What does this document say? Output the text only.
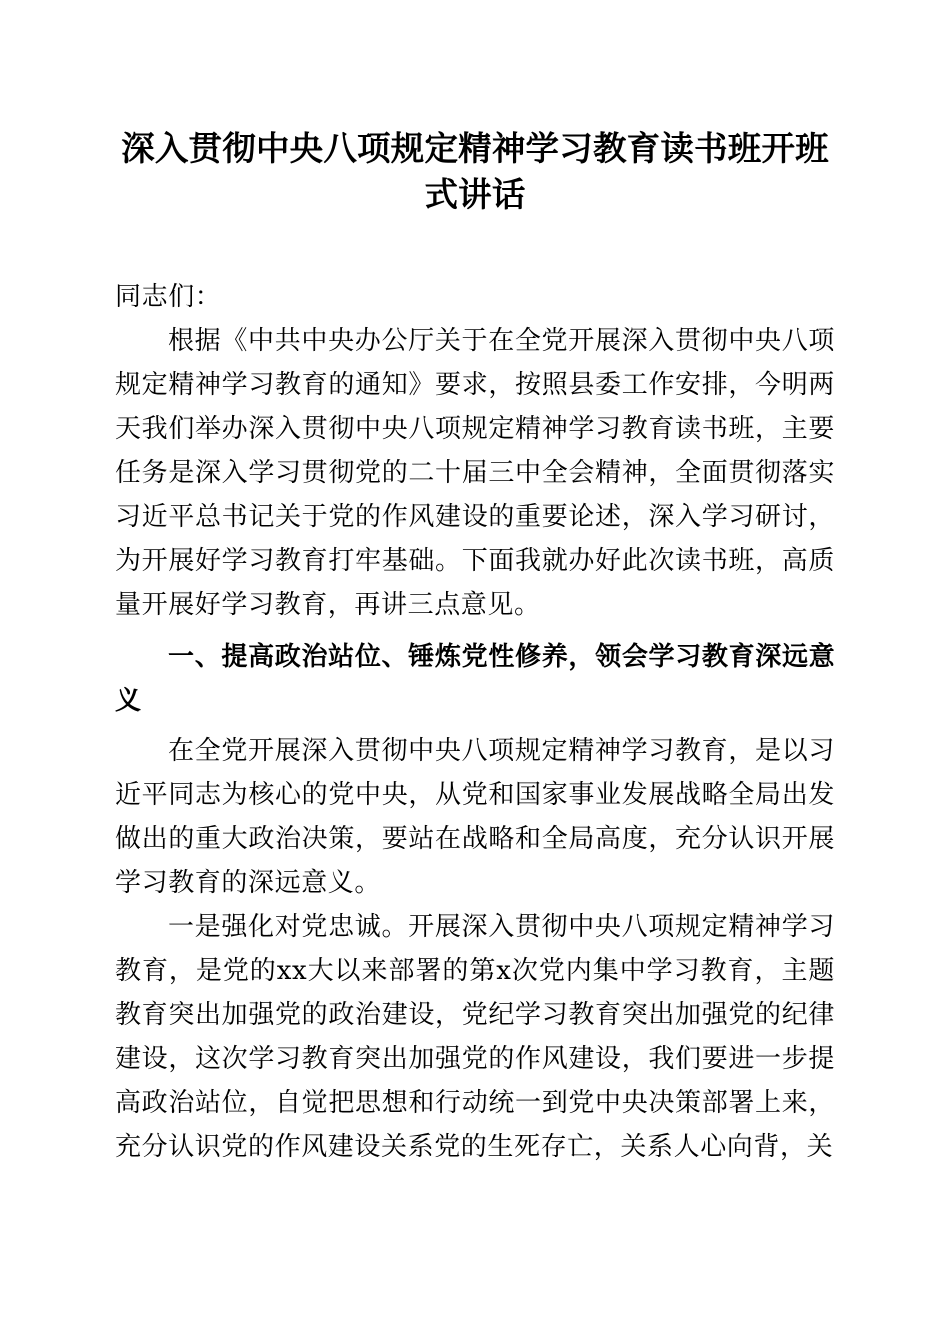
深入贯彻中央八项规定精神学习教育读书班开班式讲话

同志们：

根据《中共中央办公厅关于在全党开展深入贯彻中央八项规定精神学习教育的通知》要求，按照县委工作安排，今明两天我们举办深入贯彻中央八项规定精神学习教育读书班，主要任务是深入学习贯彻党的二十届三中全会精神，全面贯彻落实习近平总书记关于党的作风建设的重要论述，深入学习研讨，为开展好学习教育打牢基础。下面我就办好此次读书班，高质量开展好学习教育，再讲三点意见。

一、提高政治站位、锤炼党性修养，领会学习教育深远意义

在全党开展深入贯彻中央八项规定精神学习教育，是以习近平同志为核心的党中央，从党和国家事业发展战略全局出发做出的重大政治决策，要站在战略和全局高度，充分认识开展学习教育的深远意义。

一是强化对党忠诚。开展深入贯彻中央八项规定精神学习教育，是党的xx大以来部署的第x次党内集中学习教育，主题教育突出加强党的政治建设，党纪学习教育突出加强党的纪律建设，这次学习教育突出加强党的作风建设，我们要进一步提高政治站位，自觉把思想和行动统一到党中央决策部署上来，充分认识党的作风建设关系党的生死存亡，关系人心向背，关
